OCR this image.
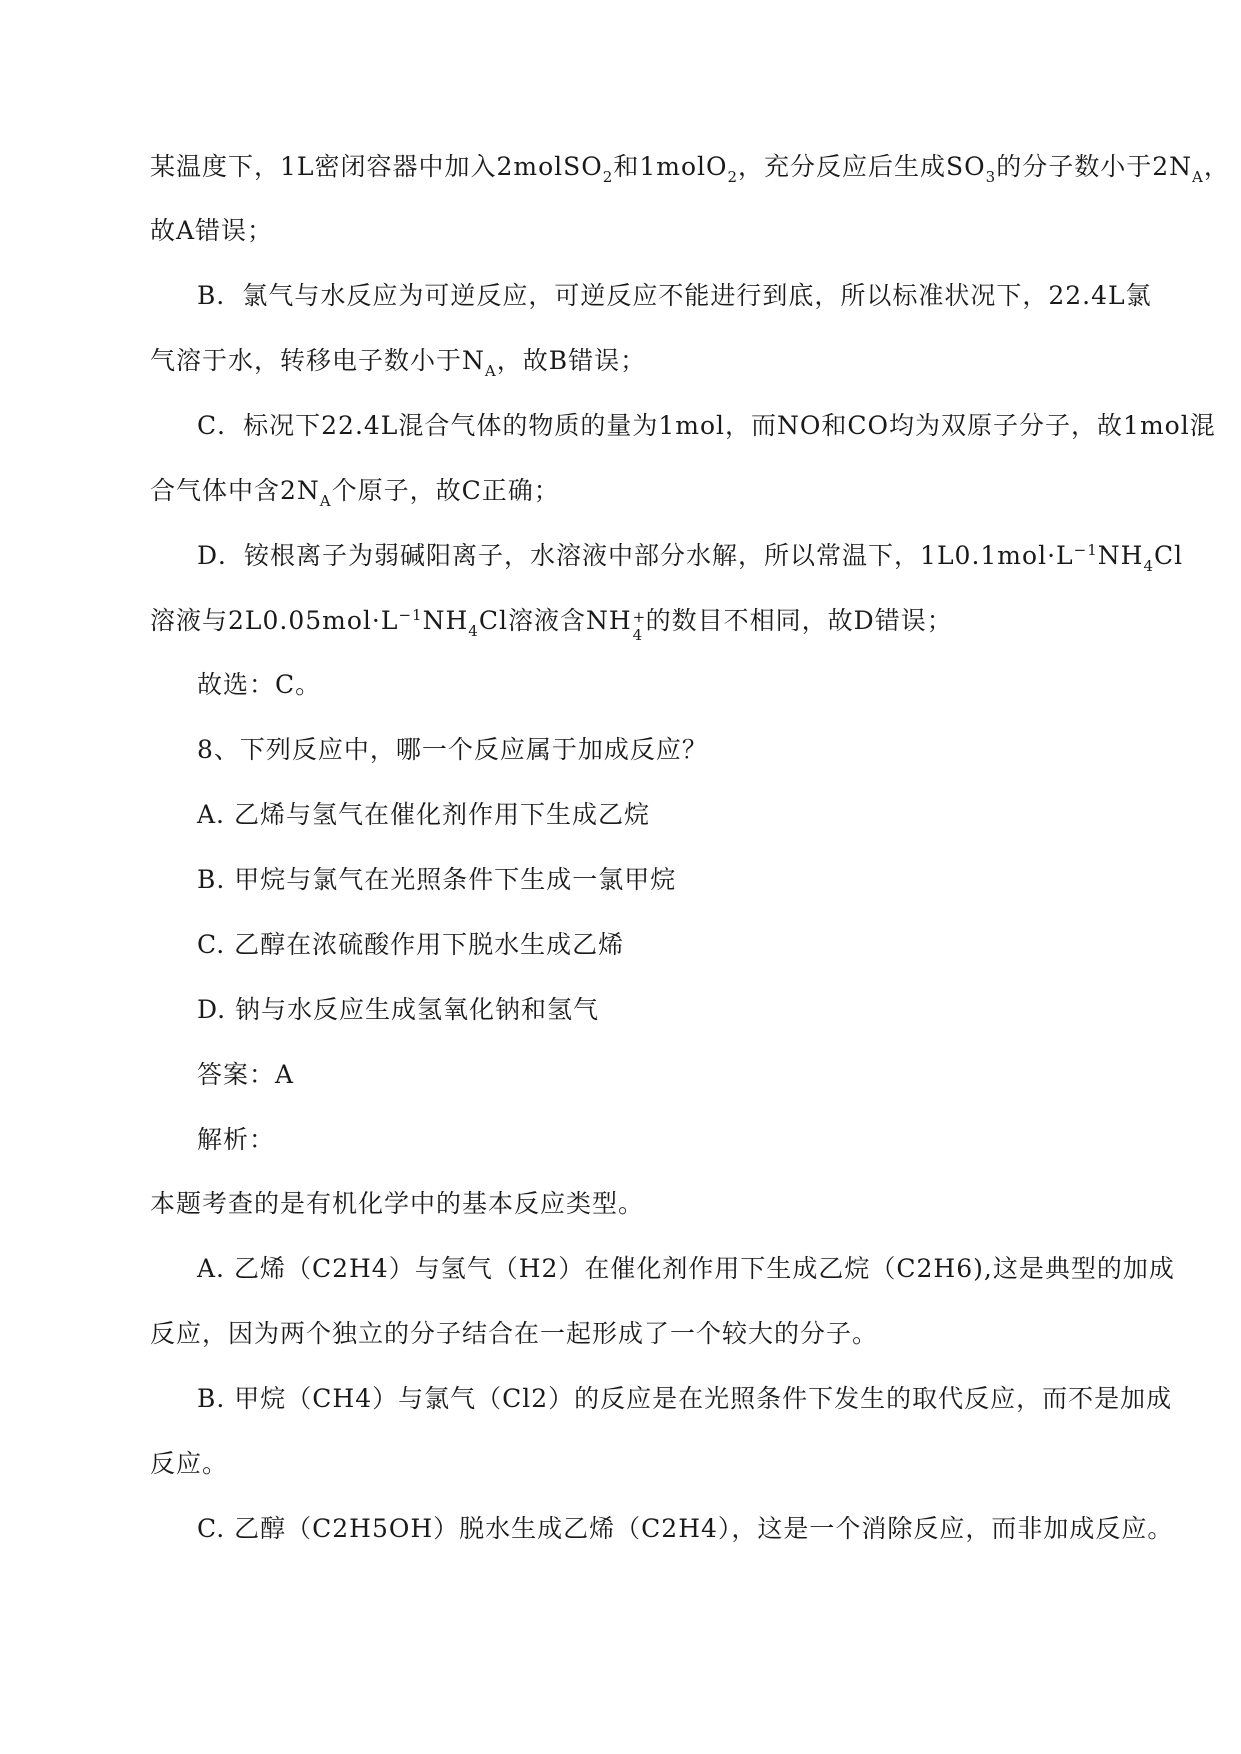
某温度下，1L密闭容器中加入2molSO$_2$和1molO$_2$，充分反应后生成$SO_3$的分子数小于$2N_A$，
故A错误；
B．氯气与水反应为可逆反应，可逆反应不能进行到底，所以标准状况下，22.4L氯
气溶于水，转移电子数小于$N_A$，故B错误；
C．标况下22.4L混合气体的物质的量为1mol，而NO和CO均为双原子分子，故1mol混
合气体中含$2N_A$个原子，故C正确；
D．铵根离子为弱碱阳离子，水溶液中部分水解，所以常温下，$1L0.1mol\cdot L^{-1}NH_4Cl$
溶液与$2L0.05mol\cdot L^{-1}NH_4Cl$溶液含NH +
4 的数目不相同，故D错误；
故选：C。
8、下列反应中，哪一个反应属于加成反应？
A. 乙烯与氢气在催化剂作用下生成乙烷
B. 甲烷与氯气在光照条件下生成一氯甲烷
C. 乙醇在浓硫酸作用下脱水生成乙烯
D. 钠与水反应生成氢氧化钠和氢气
答案：A
解析：
本题考查的是有机化学中的基本反应类型。
A. 乙烯（C2H4）与氢气（H2）在催化剂作用下生成乙烷（C2H6),这是典型的加成
反应，因为两个独立的分子结合在一起形成了一个较大的分子。
B. 甲烷（CH4）与氯气（Cl2）的反应是在光照条件下发生的取代反应，而不是加成
反应。
C. 乙醇（C2H5OH）脱水生成乙烯（C2H4），这是一个消除反应，而非加成反应。
